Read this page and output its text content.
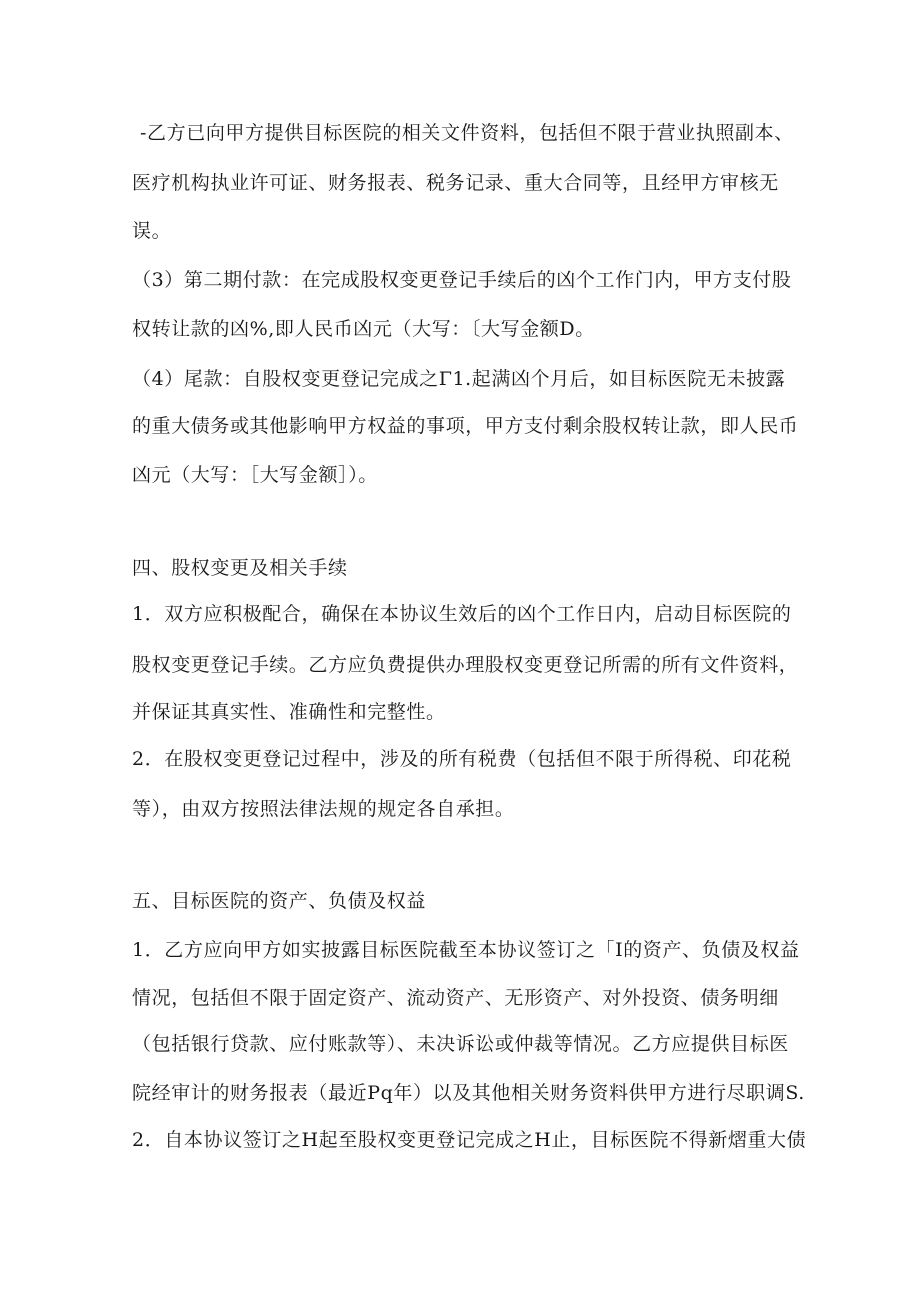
-乙方已向甲方提供目标医院的相关文件资料，包括但不限于营业执照副本、
医疗机构执业许可证、财务报表、税务记录、重大合同等，且经甲方审核无
误。
（3）第二期付款：在完成股权变更登记手续后的凶个工作门内，甲方支付股
权转让款的凶%,即人民币凶元（大写：〔大写金额D。
（4）尾款：自股权变更登记完成之Γ1.起满凶个月后，如目标医院无未披露
的重大债务或其他影响甲方权益的事项，甲方支付剩余股权转让款，即人民币
凶元（大写：［大写金额］）。
四、股权变更及相关手续
1．双方应积极配合，确保在本协议生效后的凶个工作日内，启动目标医院的
股权变更登记手续。乙方应负费提供办理股权变更登记所需的所有文件资料，
并保证其真实性、准确性和完整性。
2．在股权变更登记过程中，涉及的所有税费（包括但不限于所得税、印花税
等），由双方按照法律法规的规定各自承担。
五、目标医院的资产、负债及权益
1．乙方应向甲方如实披露目标医院截至本协议签订之「I的资产、负债及权益
情况，包括但不限于固定资产、流动资产、无形资产、对外投资、债务明细
（包括银行贷款、应付账款等）、未决诉讼或仲裁等情况。乙方应提供目标医
院经审计的财务报表（最近Pq年）以及其他相关财务资料供甲方进行尽职调S.
2．自本协议签订之H起至股权变更登记完成之H止，目标医院不得新熠重大债
